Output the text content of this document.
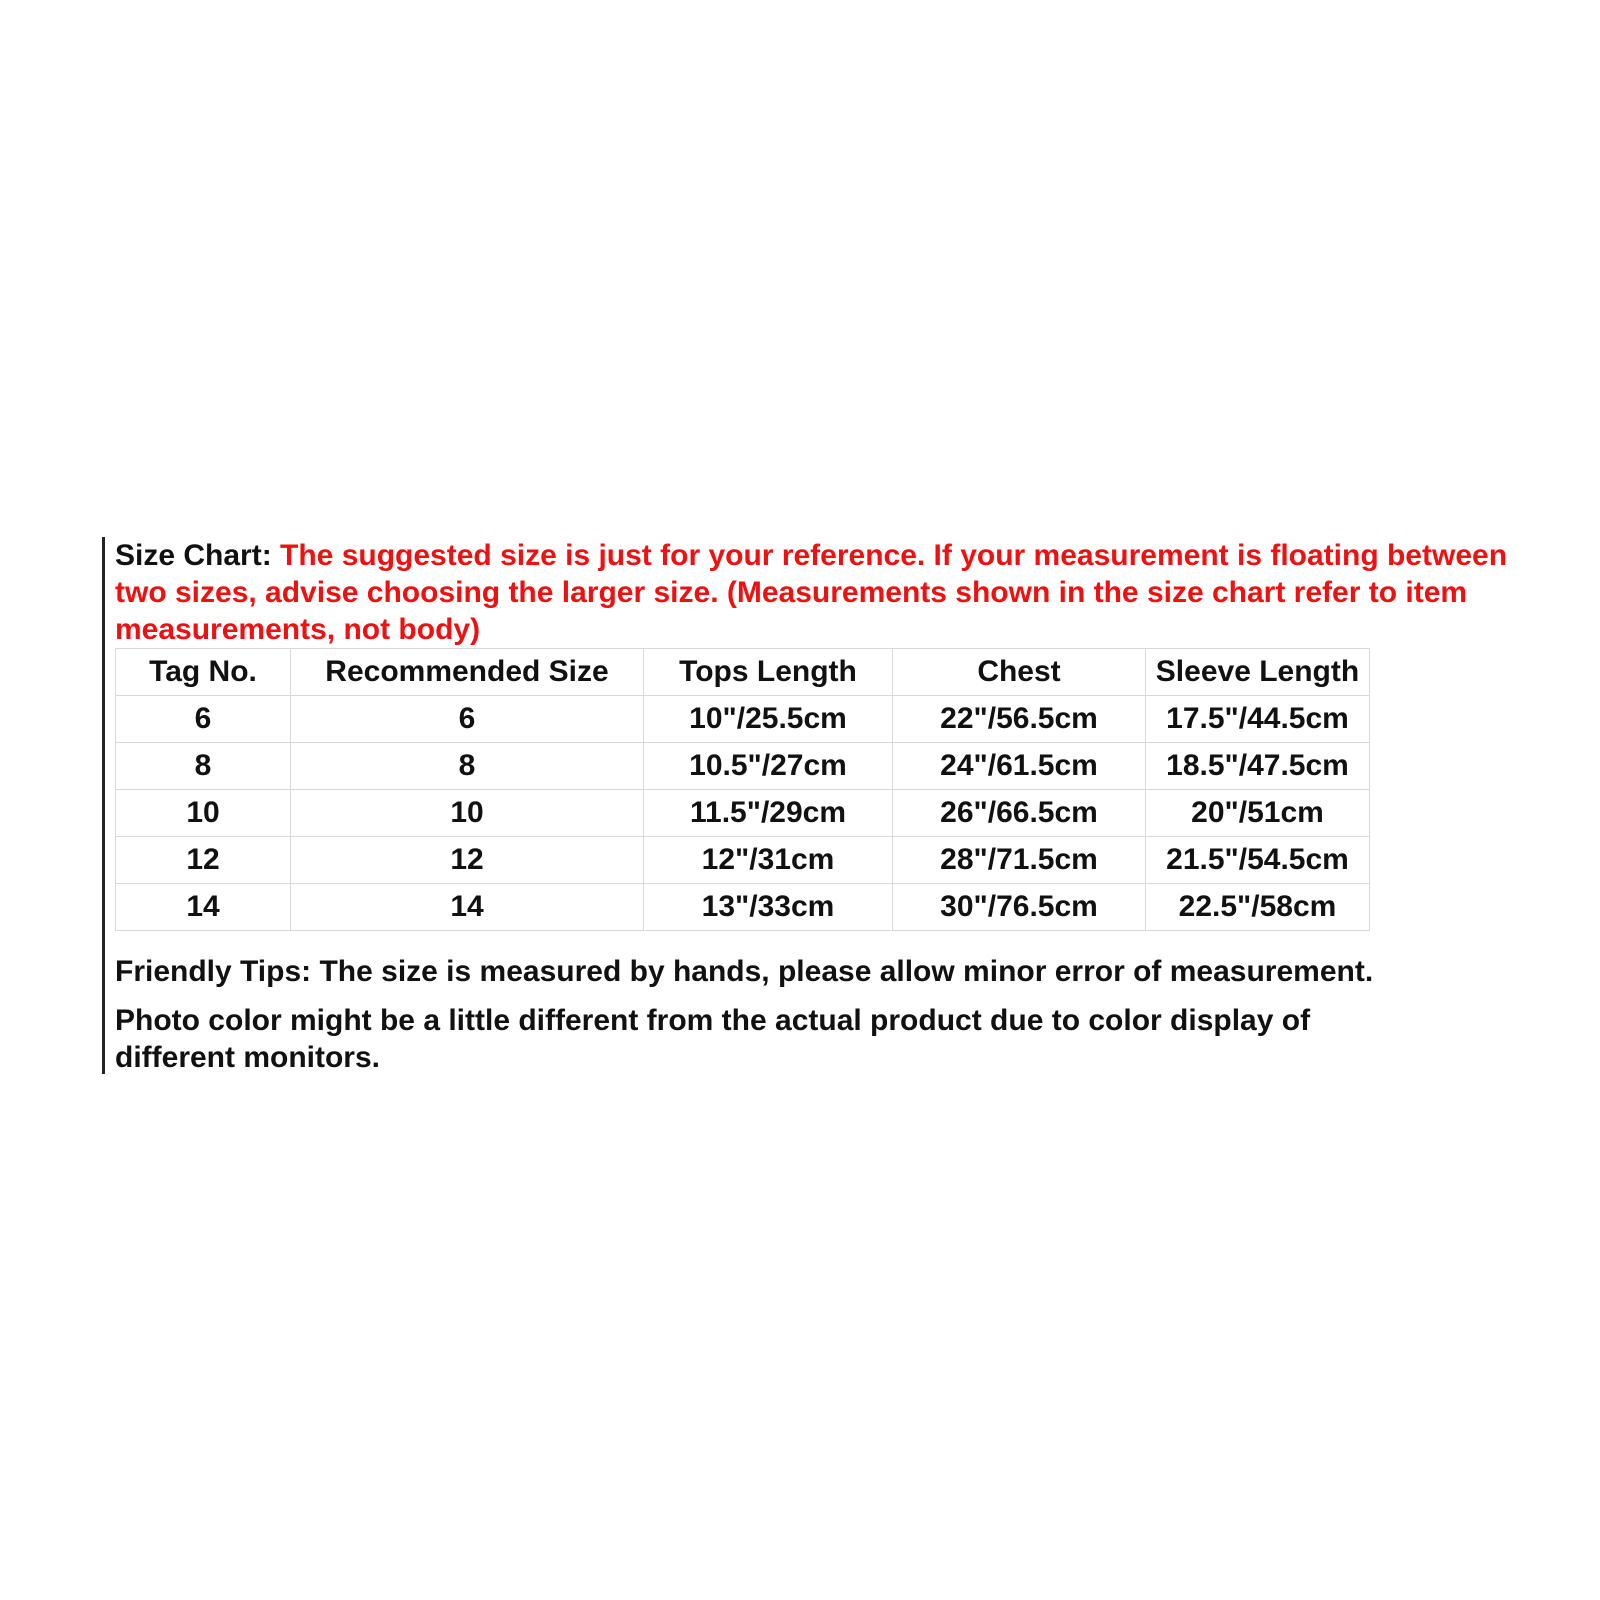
Size Chart: The suggested size is just for your reference. If your measurement is floating between two sizes, advise choosing the larger size. (Measurements shown in the size chart refer to item measurements, not body)

Tag No.	Recommended Size	Tops Length	Chest	Sleeve Length
6	6	10"/25.5cm	22"/56.5cm	17.5"/44.5cm
8	8	10.5"/27cm	24"/61.5cm	18.5"/47.5cm
10	10	11.5"/29cm	26"/66.5cm	20"/51cm
12	12	12"/31cm	28"/71.5cm	21.5"/54.5cm
14	14	13"/33cm	30"/76.5cm	22.5"/58cm

Friendly Tips: The size is measured by hands, please allow minor error of measurement.

Photo color might be a little different from the actual product due to color display of different monitors.
